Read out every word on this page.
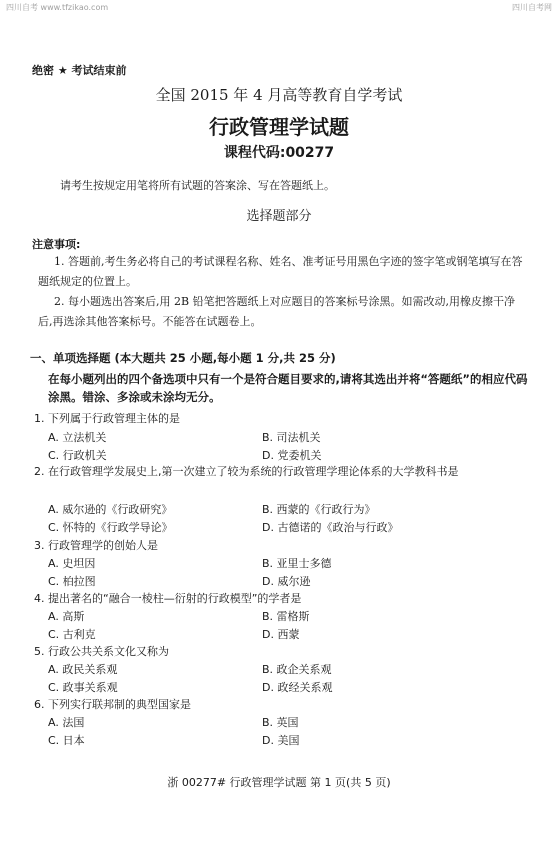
四川自考 www.tfzikao.com	四川自考网
绝密 ★ 考试结束前
全国 2015 年 4 月高等教育自学考试
行政管理学试题
课程代码:00277
请考生按规定用笔将所有试题的答案涂、写在答题纸上。
选择题部分
注意事项:
1. 答题前,考生务必将自己的考试课程名称、姓名、准考证号用黑色字迹的签字笔或钢笔填写在答题纸规定的位置上。
2. 每小题选出答案后,用 2B 铅笔把答题纸上对应题目的答案标号涂黑。如需改动,用橡皮擦干净后,再选涂其他答案标号。不能答在试题卷上。
一、单项选择题 (本大题共 25 小题,每小题 1 分,共 25 分)
在每小题列出的四个备选项中只有一个是符合题目要求的,请将其选出并将“答题纸”的相应代码涂黑。错涂、多涂或未涂均无分。
1. 下列属于行政管理主体的是
A. 立法机关	B. 司法机关
C. 行政机关	D. 党委机关
2. 在行政管理学发展史上,第一次建立了较为系统的行政管理学理论体系的大学教科书是
A. 威尔逊的《行政研究》	B. 西蒙的《行政行为》
C. 怀特的《行政学导论》	D. 古德诺的《政治与行政》
3. 行政管理学的创始人是
A. 史坦因	B. 亚里士多德
C. 柏拉图	D. 威尔逊
4. 提出著名的“融合一棱柱—衍射的行政模型”的学者是
A. 高斯	B. 雷格斯
C. 古利克	D. 西蒙
5. 行政公共关系文化又称为
A. 政民关系观	B. 政企关系观
C. 政事关系观	D. 政经关系观
6. 下列实行联邦制的典型国家是
A. 法国	B. 英国
C. 日本	D. 美国
浙 00277# 行政管理学试题 第 1 页(共 5 页)
